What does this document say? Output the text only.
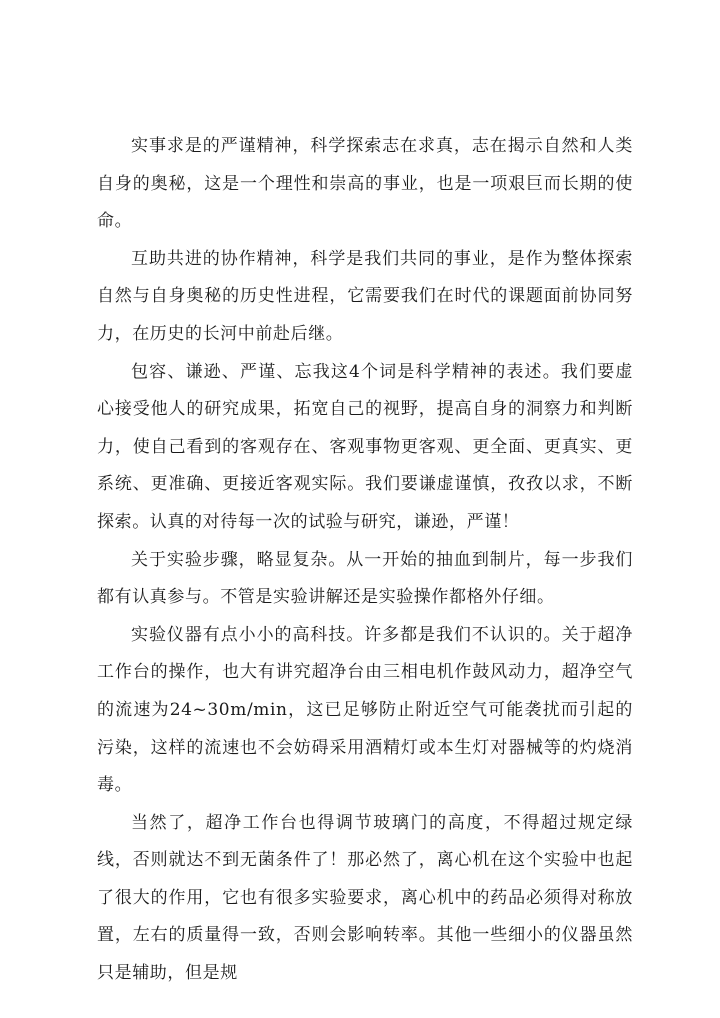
实事求是的严谨精神，科学探索志在求真，志在揭示自然和人类自身的奥秘，这是一个理性和崇高的事业，也是一项艰巨而长期的使命。

互助共进的协作精神，科学是我们共同的事业，是作为整体探索自然与自身奥秘的历史性进程，它需要我们在时代的课题面前协同努力，在历史的长河中前赴后继。

包容、谦逊、严谨、忘我这4个词是科学精神的表述。我们要虚心接受他人的研究成果，拓宽自己的视野，提高自身的洞察力和判断力，使自己看到的客观存在、客观事物更客观、更全面、更真实、更系统、更准确、更接近客观实际。我们要谦虚谨慎，孜孜以求，不断探索。认真的对待每一次的试验与研究，谦逊，严谨！

关于实验步骤，略显复杂。从一开始的抽血到制片，每一步我们都有认真参与。不管是实验讲解还是实验操作都格外仔细。

实验仪器有点小小的高科技。许多都是我们不认识的。关于超净工作台的操作，也大有讲究超净台由三相电机作鼓风动力，超净空气的流速为24~30m/min，这已足够防止附近空气可能袭扰而引起的污染，这样的流速也不会妨碍采用酒精灯或本生灯对器械等的灼烧消毒。

当然了，超净工作台也得调节玻璃门的高度，不得超过规定绿线，否则就达不到无菌条件了！那必然了，离心机在这个实验中也起了很大的作用，它也有很多实验要求，离心机中的药品必须得对称放置，左右的质量得一致，否则会影响转率。其他一些细小的仪器虽然只是辅助，但是规
